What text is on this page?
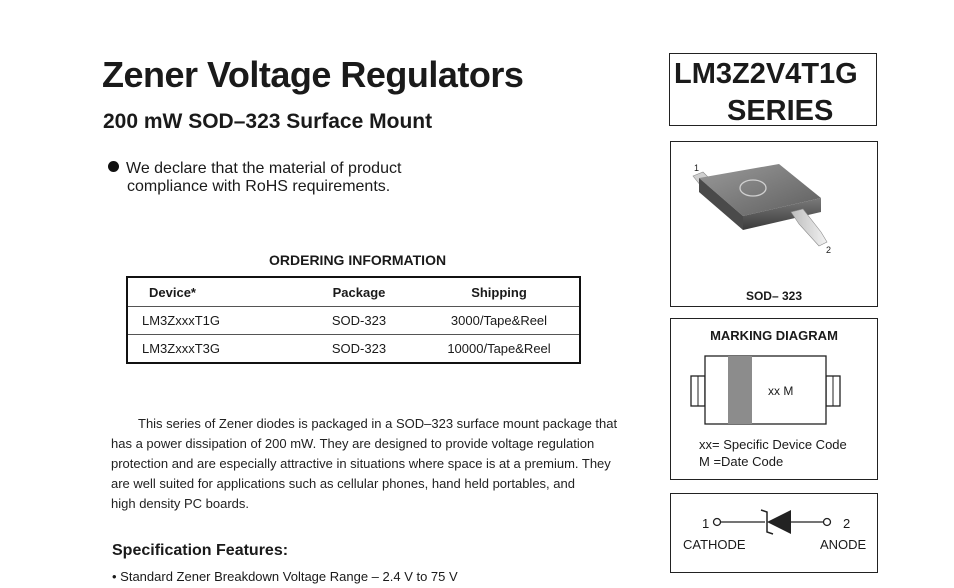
Zener Voltage Regulators
200 mW SOD–323 Surface Mount
We declare that the material of product
compliance with RoHS requirements.
ORDERING INFORMATION
Device*	Package	Shipping
LM3ZxxxT1G	SOD-323	3000/Tape&Reel
LM3ZxxxT3G	SOD-323	10000/Tape&Reel
This series of Zener diodes is packaged in a SOD–323 surface mount package that
has a power dissipation of 200 mW. They are designed to provide voltage regulation
protection and are especially attractive in situations where space is at a premium. They
are well suited for applications such as cellular phones, hand held portables, and
high density PC boards.
Specification Features:
• Standard Zener Breakdown Voltage Range – 2.4 V to 75 V
LM3Z2V4T1G
SERIES
1
2
SOD– 323
MARKING DIAGRAM
xx M
xx= Specific Device Code
M =Date Code
1	2
CATHODE	ANODE
